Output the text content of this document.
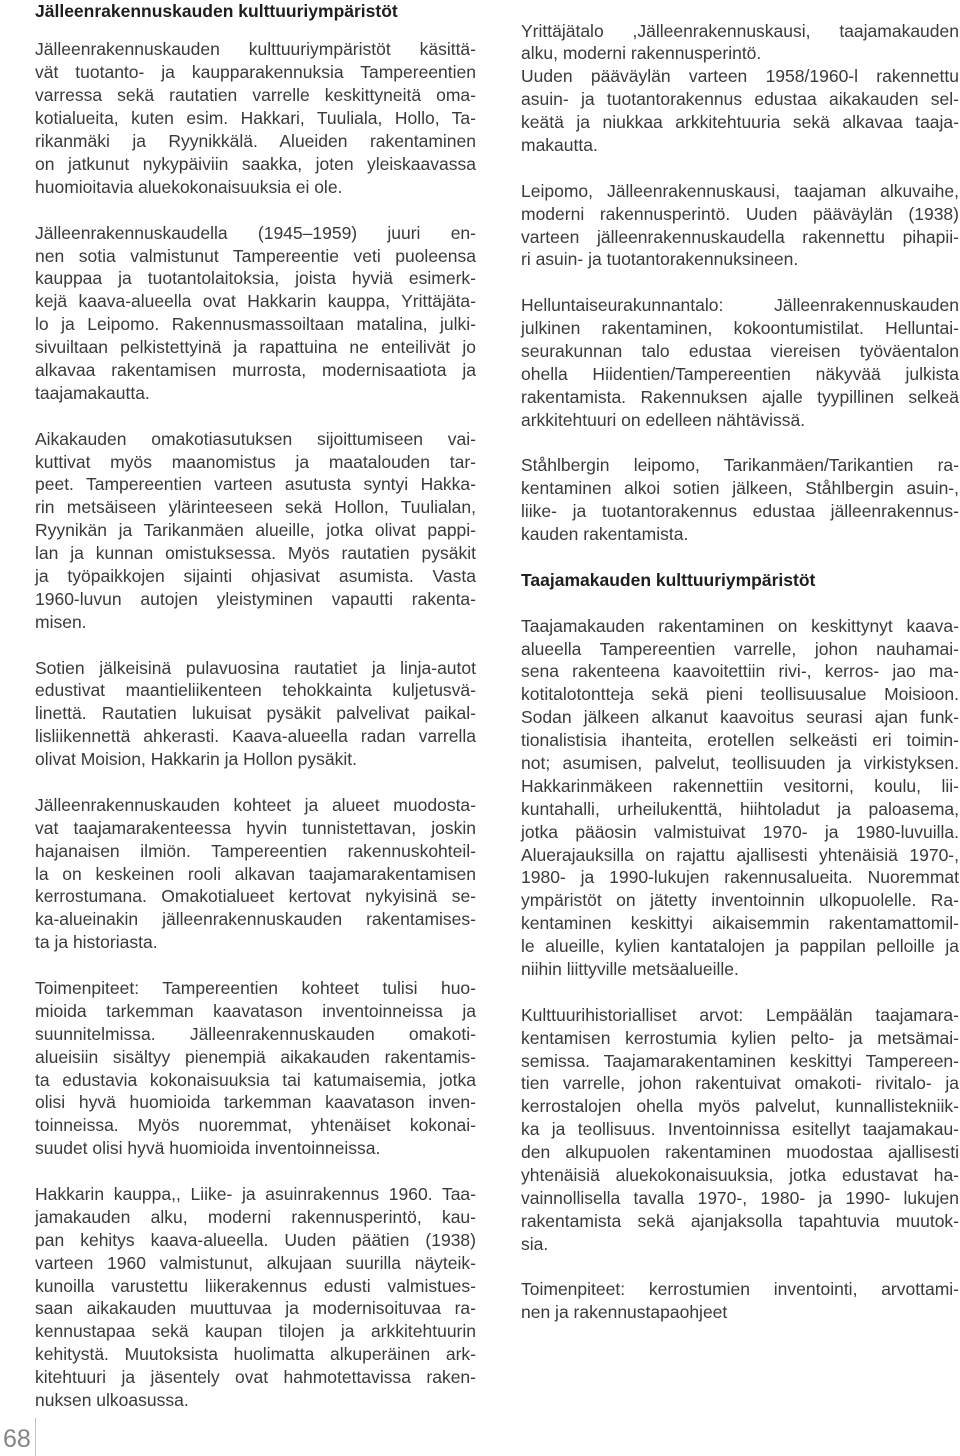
Jälleenrakennuskauden kulttuuriympäristöt
Jälleenrakennuskauden kulttuuriympäristöt käsittä-
vät tuotanto- ja kaupparakennuksia Tampereentien
varressa sekä rautatien varrelle keskittyneitä oma-
kotialueita, kuten esim. Hakkari, Tuuliala, Hollo, Ta-
rikanmäki ja Ryynikkälä. Alueiden rakentaminen
on jatkunut nykypäiviin saakka, joten yleiskaavassa
huomioitavia aluekokonaisuuksia ei ole.
Jälleenrakennuskaudella (1945–1959) juuri en-
nen sotia valmistunut Tampereentie veti puoleensa
kauppaa ja tuotantolaitoksia, joista hyviä esimerk-
kejä kaava-alueella ovat Hakkarin kauppa, Yrittäjäta-
lo ja Leipomo. Rakennusmassoiltaan matalina, julki-
sivuiltaan pelkistettyinä ja rapattuina ne enteilivät jo
alkavaa rakentamisen murrosta, modernisaatiota ja
taajamakautta.
Aikakauden omakotiasutuksen sijoittumiseen vai-
kuttivat myös maanomistus ja maatalouden tar-
peet. Tampereentien varteen asutusta syntyi Hakka-
rin metsäiseen ylärinteeseen sekä Hollon, Tuulialan,
Ryynikän ja Tarikanmäen alueille, jotka olivat pappi-
lan ja kunnan omistuksessa. Myös rautatien pysäkit
ja työpaikkojen sijainti ohjasivat asumista. Vasta
1960-luvun autojen yleistyminen vapautti rakenta-
misen.
Sotien jälkeisinä pulavuosina rautatiet ja linja-autot
edustivat maantieliikenteen tehokkainta kuljetusvä-
linettä. Rautatien lukuisat pysäkit palvelivat paikal-
lisliikennettä ahkerasti. Kaava-alueella radan varrella
olivat Moision, Hakkarin ja Hollon pysäkit.
Jälleenrakennuskauden kohteet ja alueet muodosta-
vat taajamarakenteessa hyvin tunnistettavan, joskin
hajanaisen ilmiön. Tampereentien rakennuskohteil-
la on keskeinen rooli alkavan taajamarakentamisen
kerrostumana. Omakotialueet kertovat nykyisinä se-
ka-alueinakin jälleenrakennuskauden rakentamises-
ta ja historiasta.
Toimenpiteet: Tampereentien kohteet tulisi huo-
mioida tarkemman kaavatason inventoinneissa ja
suunnitelmissa. Jälleenrakennuskauden omakoti-
alueisiin sisältyy pienempiä aikakauden rakentamis-
ta edustavia kokonaisuuksia tai katumaisemia, jotka
olisi hyvä huomioida tarkemman kaavatason inven-
toinneissa. Myös nuoremmat, yhtenäiset kokonai-
suudet olisi hyvä huomioida inventoinneissa.
Hakkarin kauppa,, Liike- ja asuinrakennus 1960. Taa-
jamakauden alku, moderni rakennusperintö, kau-
pan kehitys kaava-alueella. Uuden päätien (1938)
varteen 1960 valmistunut, alkujaan suurilla näyteik-
kunoilla varustettu liikerakennus edusti valmistues-
saan aikakauden muuttuvaa ja modernisoituvaa ra-
kennustapaa sekä kaupan tilojen ja arkkitehtuurin
kehitystä. Muutoksista huolimatta alkuperäinen ark-
kitehtuuri ja jäsentely ovat hahmotettavissa raken-
nuksen ulkoasussa.
Yrittäjätalo ,Jälleenrakennuskausi, taajamakauden
alku, moderni rakennusperintö.
Uuden pääväylän varteen 1958/1960-l rakennettu
asuin- ja tuotantorakennus edustaa aikakauden sel-
keätä ja niukkaa arkkitehtuuria sekä alkavaa taaja-
makautta.
Leipomo, Jälleenrakennuskausi, taajaman alkuvaihe,
moderni rakennusperintö. Uuden pääväylän (1938)
varteen jälleenrakennuskaudella rakennettu pihapii-
ri asuin- ja tuotantorakennuksineen.
Helluntaiseurakunnantalo: Jälleenrakennuskauden
julkinen rakentaminen, kokoontumistilat. Helluntai-
seurakunnan talo edustaa viereisen työväentalon
ohella Hiidentien/Tampereentien näkyvää julkista
rakentamista. Rakennuksen ajalle tyypillinen selkeä
arkkitehtuuri on edelleen nähtävissä.
Ståhlbergin leipomo, Tarikanmäen/Tarikantien ra-
kentaminen alkoi sotien jälkeen, Ståhlbergin asuin-,
liike- ja tuotantorakennus edustaa jälleenrakennus-
kauden rakentamista.
Taajamakauden kulttuuriympäristöt
Taajamakauden rakentaminen on keskittynyt kaava-
alueella Tampereentien varrelle, johon nauhamai-
sena rakenteena kaavoitettiin rivi-, kerros- jao ma-
kotitalotontteja sekä pieni teollisuusalue Moisioon.
Sodan jälkeen alkanut kaavoitus seurasi ajan funk-
tionalistisia ihanteita, erotellen selkeästi eri toimin-
not; asumisen, palvelut, teollisuuden ja virkistyksen.
Hakkarinmäkeen rakennettiin vesitorni, koulu, lii-
kuntahalli, urheilukenttä, hiihtoladut ja paloasema,
jotka pääosin valmistuivat 1970- ja 1980-luvuilla.
Aluerajauksilla on rajattu ajallisesti yhtenäisiä 1970-,
1980- ja 1990-lukujen rakennusalueita. Nuoremmat
ympäristöt on jätetty inventoinnin ulkopuolelle. Ra-
kentaminen keskittyi aikaisemmin rakentamattomil-
le alueille, kylien kantatalojen ja pappilan pelloille ja
niihin liittyville metsäalueille.
Kulttuurihistorialliset arvot: Lempäälän taajamara-
kentamisen kerrostumia kylien pelto- ja metsämai-
semissa. Taajamarakentaminen keskittyi Tampereen-
tien varrelle, johon rakentuivat omakoti- rivitalo- ja
kerrostalojen ohella myös palvelut, kunnallistekniik-
ka ja teollisuus. Inventoinnissa esitellyt taajamakau-
den alkupuolen rakentaminen muodostaa ajallisesti
yhtenäisiä aluekokonaisuuksia, jotka edustavat ha-
vainnollisella tavalla 1970-, 1980- ja 1990- lukujen
rakentamista sekä ajanjaksolla tapahtuvia muutok-
sia.
Toimenpiteet: kerrostumien inventointi, arvottami-
nen ja rakennustapaohjeet
68
